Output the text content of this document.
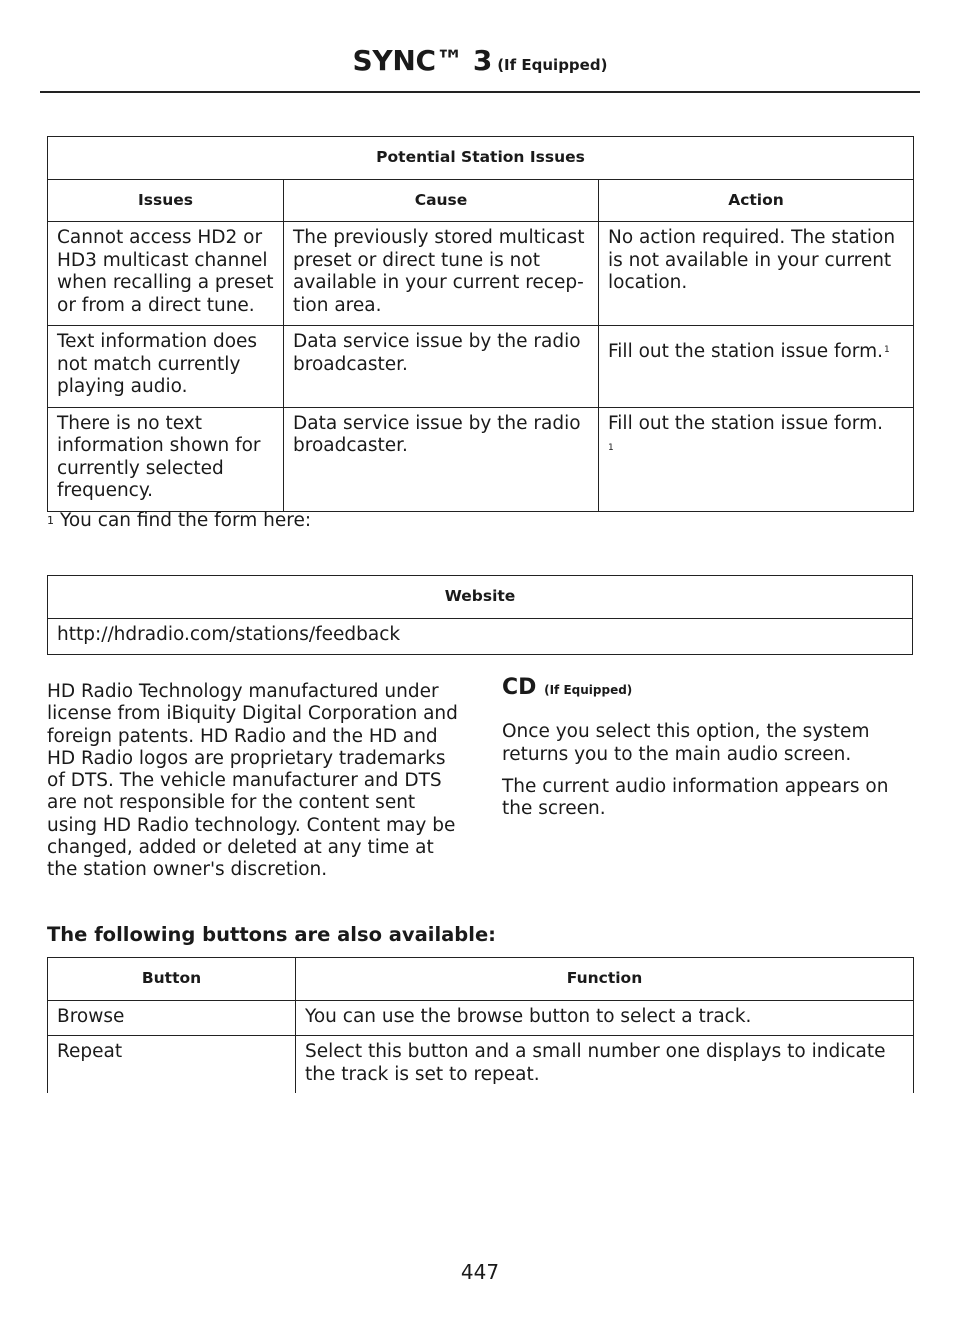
SYNC™ 3 (If Equipped)
Potential Station Issues		
Issues	Cause	Action
Cannot access HD2 or HD3 multicast channel when recalling a preset or from a direct tune.	The previously stored multicast preset or direct tune is not available in your current recep-tion area.	No action required. The station is not available in your current location.
Text information does not match currently playing audio.	Data service issue by the radio broadcaster.	Fill out the station issue form.$^1$
There is no text information shown for currently selected frequency.	Data service issue by the radio broadcaster.	Fill out the station issue form.
1
$^1$ You can find the form here:
Website
http://hdradio.com/stations/feedback

HD Radio Technology manufactured under license from iBiquity Digital Corporation and foreign patents. HD Radio and the HD and HD Radio logos are proprietary trademarks of DTS. The vehicle manufacturer and DTS are not responsible for the content sent using HD Radio technology. Content may be changed, added or deleted at any time at the station owner's discretion.

CD (If Equipped)

Once you select this option, the system returns you to the main audio screen.

The current audio information appears on the screen.

The following buttons are also available:
Button	Function
Browse	You can use the browse button to select a track.
Repeat	Select this button and a small number one displays to indicate the track is set to repeat.
447
